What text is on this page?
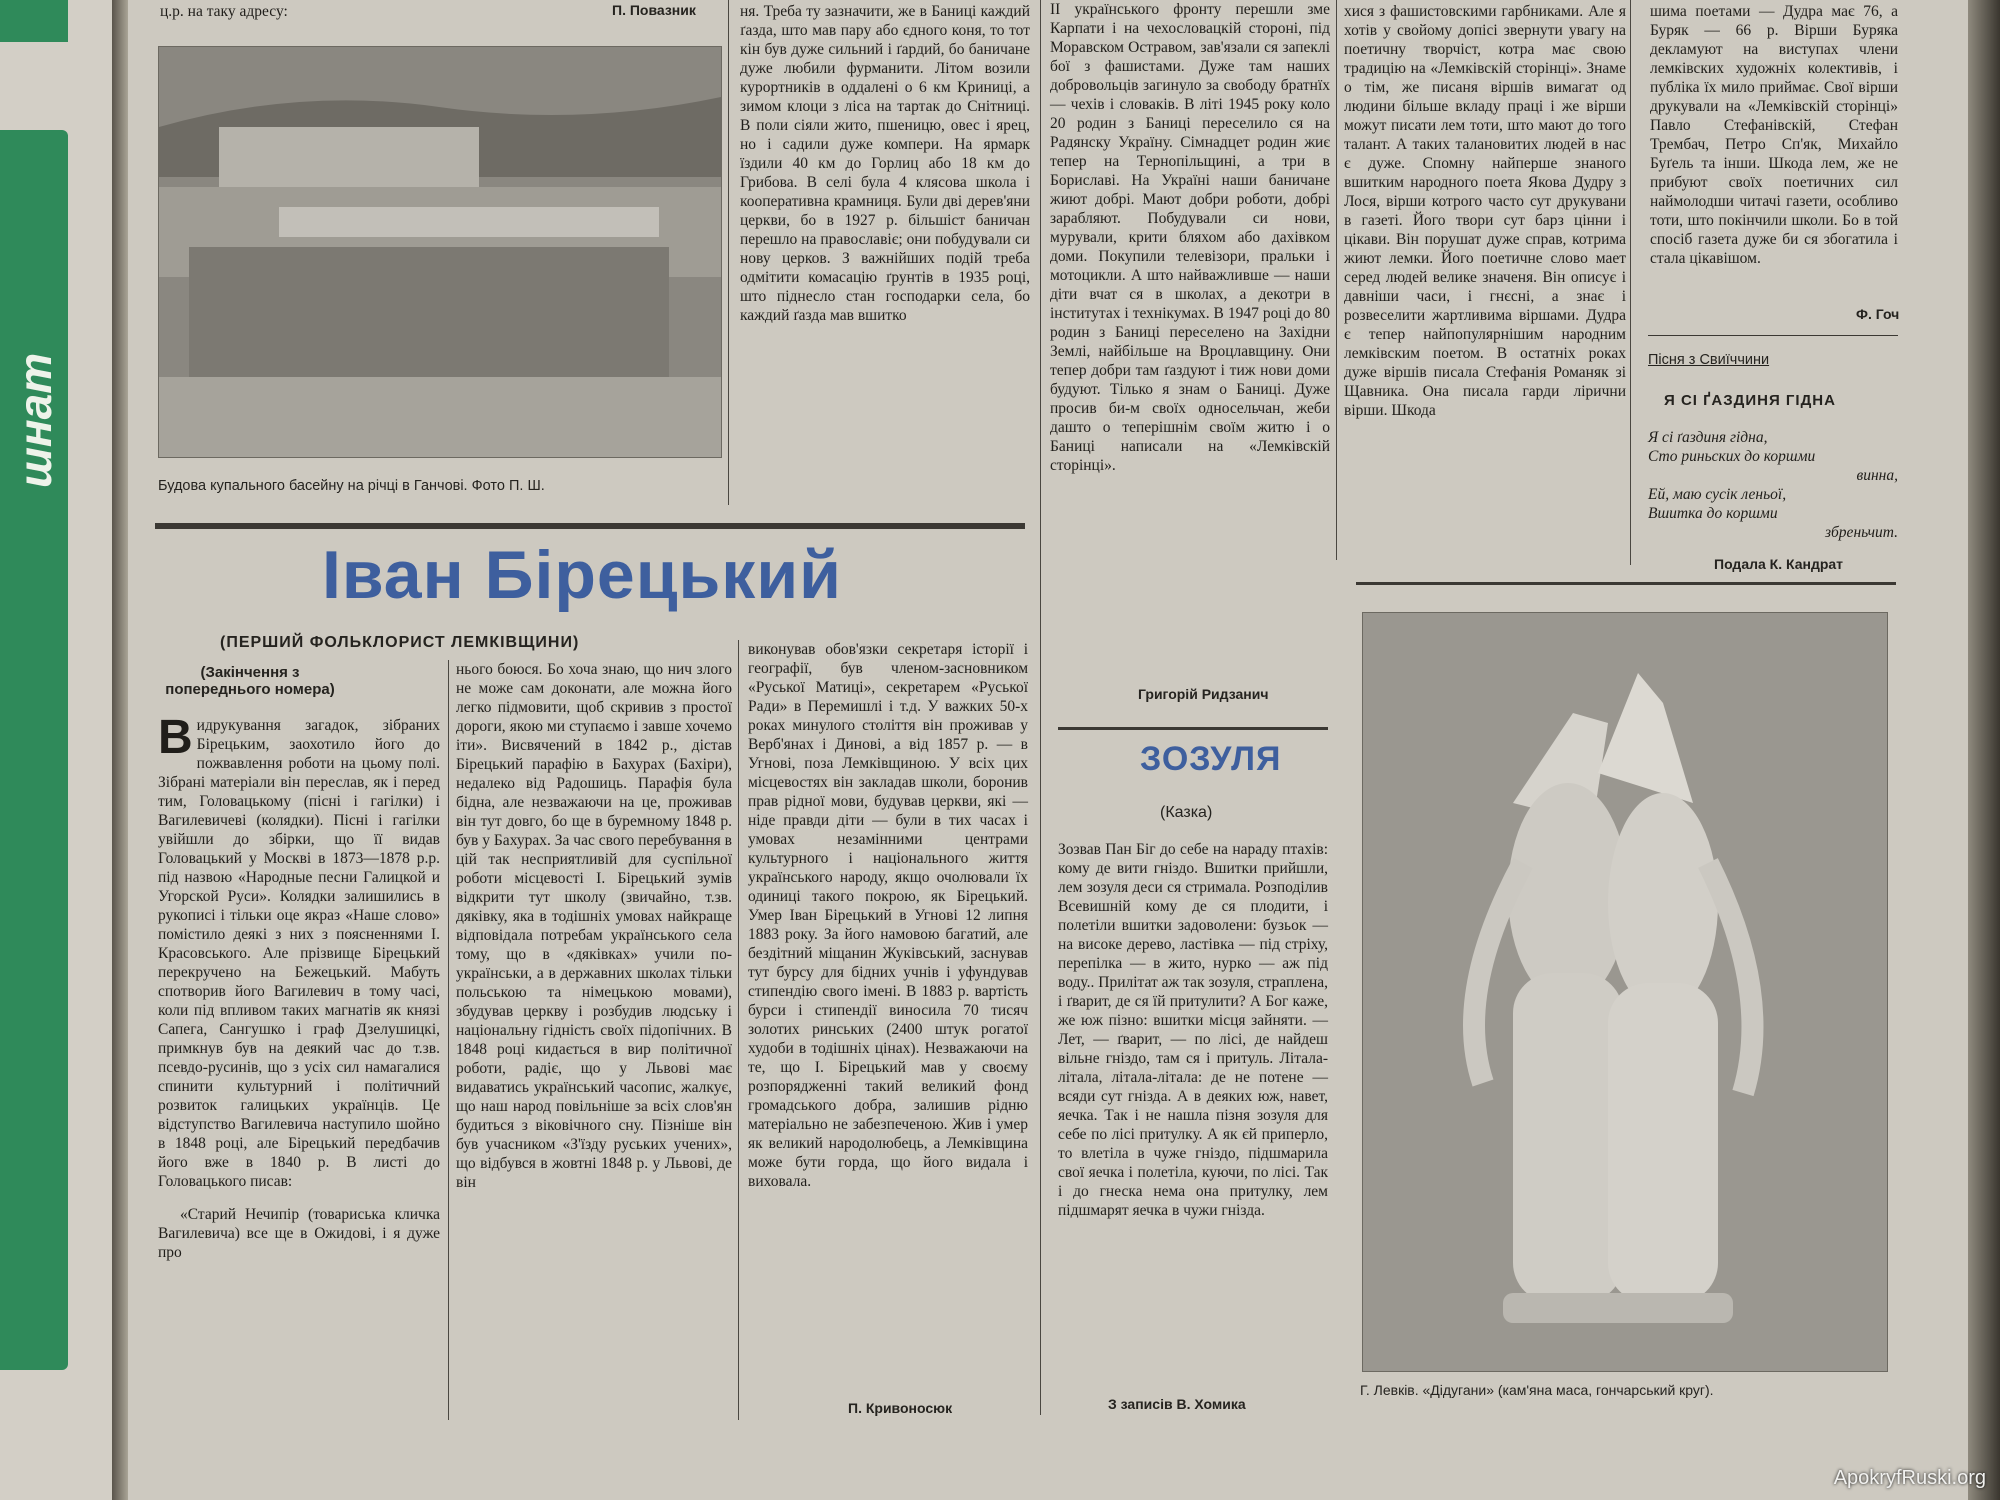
шнат
ц.р. на таку адресу:	П. Повазник
Будова купального басейну на річці в Ганчові. Фото П. Ш.
ня. Треба ту зазначити, же в Баниці каждий ґазда, што мав пару або єдного коня, то тот кін був дуже сильний і ґардий, бо баничане дуже любили фурманити. Літом возили курортників в оддалені о 6 км Криниці, а зимом клоци з ліса на тартак до Снітниці. В поли сіяли жито, пшеницю, овес і ярец, но і садили дуже компери. На ярмарк їздили 40 км до Горлиц або 18 км до Грибова. В селі була 4 клясова школа і кооперативна крамниця. Були дві дерев'яни церкви, бо в 1927 р. більшіст баничан перешло на православіє; они побудували си нову церков. З важнійших подій треба одмітити комасацію ґрунтів в 1935 році, што піднесло стан господарки села, бо каждий ґазда мав вшитко
ІІ українського фронту перешли зме Карпати і на чехословацкій стороні, під Моравском Остравом, зав'язали ся запеклі бої з фашистами. Дуже там наших добровольців загинуло за свободу братнїх — чехів і словаків. В літі 1945 року коло 20 родин з Баниці переселило ся на Радянску Україну. Сімнадцет родин жиє тепер на Тернопільщині, а три в Бориславі. На Україні наши баничане жиют добрі. Мают добри роботи, добрі зарабляют. Побудували си нови, мурували, крити бляхом або дахівком доми. Покупили телевізори, пральки і мотоцикли. А што найважливше — наши діти вчат ся в школах, а декотри в інститутах і технікумах. В 1947 році до 80 родин з Баниці переселено на Західни Землі, найбільше на Вроцлавщину. Они тепер добри там ґаздуют і тиж нови доми будуют. Тілько я знам о Баниці. Дуже просив би-м своїх односельчан, жеби дашто о теперішнім своїм житю і о Баниці написали на «Лемківскій сторінці».
Григорій Ридзанич
хися з фашистовскими гарбниками. Але я хотів у свойому допісі звернути увагу на поетичну творчіст, котра має свою традицію на «Лемківскій сторінці». Знаме о тім, же писаня віршів вимагат од людини більше вкладу праці і же вірши можут писати лем тоти, што мают до того талант. А таких талановитих людей в нас є дуже. Спомну найперше знаного вшитким народного поета Якова Дудру з Лося, вірши котрого часто сут друкувани в газеті. Його твори сут барз цінни і цікави. Він порушат дуже справ, котрима жиют лемки. Його поетичне слово мает серед людей велике значеня. Він описує і давніши часи, і гнєсні, а знає і розвеселити жартливима віршами. Дудра є тепер найпопулярнішим народним лемківским поетом. В остатніх роках дуже віршів писала Стефанія Романяк зі Щавника. Она писала гарди лірични вірши. Шкода
шима поетами — Дудра має 76, а Буряк — 66 р. Вірши Буряка декламуют на виступах члени лемківских художніх колективів, і публіка їх мило приймає. Свої вірши друкували на «Лемківскій сторінці» Павло Стефанівскій, Стефан Трембач, Петро Сп'як, Михайло Буґель та інши. Шкода лем, же не прибуют своїх поетичних сил наймолодши читачі газети, особливо тоти, што покінчили школи. Бо в той спосіб газета дуже би ся збогатила і стала цікавішом.
Ф. Гоч
Пісня з Свиїччини
Я СІ ҐАЗДИНЯ ГІДНА
Я сі ґаздиня гідна,
Сто риньских до коршми
винна,
Ей, маю сусік леньої,
Вшитка до коршми
збреньчит.
Подала К. Кандрат
Іван Біpецький
(ПЕРШИЙ ФОЛЬКЛОРИСТ ЛЕМКІВЩИНИ)
(Закінчення з попереднього номера)
Видрукування загадок, зібраних Біpецьким, заохотило його до пожвавлення роботи на цьому полі. Зібрані матеріали він переслав, як і перед тим, Головацькому (пісні і гагілки) і Вагилевичеві (колядки). Пісні і гагілки увійшли до збірки, що її видав Головацький у Москві в 1873—1878 р.р. під назвою «Народные песни Галицкой и Угорской Руси». Колядки залишились в рукописі і тільки оце якраз «Наше слово» помістило деякі з них з поясненнями І. Красовського. Але прізвище Біpецький перекручено на Бежецький. Мабуть спотворив його Вагилевич в тому часі, коли під впливом таких магнатів як князі Сапега, Сангушко і граф Дзелушицкі, примкнув був на деякий час до т.зв. псевдо-русинів, що з усіх сил намагалися спинити культурний і політичний розвиток галицьких українців. Це відступство Вагилевича наступило шойно в 1848 році, але Біpецький передбачив його вже в 1840 р. В листі до Головацького писав:

«Старий Нечипір (товариська кличка Вагилевича) все ще в Ожидові, і я дуже про

нього боюся. Бо хоча знаю, що нич злого не може сам доконати, але можна його легко підмовити, щоб скривив з простої дороги, якою ми ступаємо і завше хочемо іти». Висвячений в 1842 р., дістав Біpецький парафію в Бахурах (Бахіри), недалеко від Радошиць. Парафія була бідна, але незважаючи на це, проживав він тут довго, бо ще в буремному 1848 р. був у Бахурах. За час свого перебування в цій так несприятливій для суспільної роботи місцевості І. Біpецький зумів відкрити тут школу (звичайно, т.зв. дяківку, яка в тодішніх умовах найкраще відповідала потребам українського села тому, що в «дяківках» учили по-українськи, а в державних школах тільки польською та німецькою мовами), збудував церкву і розбудив людську і національну гідність своїх підопічних. В 1848 році кидається в вир політичної роботи, радіє, що у Львові має видаватись український часопис, жалкує, що наш народ повільніше за всіх слов'ян будиться з віковічного сну. Пізніше він був учасником «З'їзду руських учених», що відбувся в жовтні 1848 р. у Львові, де він
виконував обов'язки секретаря історії і географії, був членом-засновником «Руської Матиці», секретарем «Руської Ради» в Перемишлі і т.д. У важких 50-х роках минулого століття він проживав у Верб'янах і Динові, а від 1857 р. — в Угнові, поза Лемківщиною. У всіх цих місцевостях він закладав школи, боронив прав рідної мови, будував церкви, які — ніде правди діти — були в тих часах і умовах незамінними центрами культурного і національного життя українського народу, якщо очолювали їх одиниці такого покрою, як Біpецький. Умер Іван Біpецький в Угнові 12 липня 1883 року. За його намовою багатий, але бездітний міщанин Жуківський, заснував тут бурсу для бідних учнів і уфундував стипендію свого імені. В 1883 р. вартість бурси і стипендії виносила 70 тисяч золотих ринських (2400 штук рогатої худоби в тодішніх цінах). Незважаючи на те, що І. Біpецький мав у своєму розпорядженні такий великий фонд громадського добра, залишив рідню матеріально не забезпеченою. Жив і умер як великий народолюбець, а Лемківщина може бути горда, що його видала і виховала.
П. Кривоносюк
ЗОЗУЛЯ
(Казка)
Зозвав Пан Біг до себе на нараду птахів: кому де вити гніздо. Вшитки прийшли, лем зозуля деси ся стримала. Розподілив Всевишній кому де ся плодити, і полетіли вшитки задоволени: бузьок — на високе дерево, ластівка — під стріху, перепілка — в жито, нурко — аж під воду.. Прилітат аж так зозуля, страплена, і ґварит, де ся їй притулити? А Бог каже, же юж пізно: вшитки місця зайняти. — Лет, — ґварит, — по лісі, де найдеш вільне гніздо, там ся і притуль. Літала-літала, літала-літала: де не потене — всяди сут гнізда. А в деяких юж, навет, яечка. Так і не нашла пізня зозуля для себе по лісі притулку. А як єй приперло, то влетіла в чуже гніздо, підшмарила свої яечка і полетіла, куючи, по лісі. Так і до гнеска нема она притулку, лем підшмарят яечка в чужи гнізда.
З записів В. Хомика
Г. Левків. «Дідугани» (кам'яна маса, гончарський круг).
ApokryfRuski.org
